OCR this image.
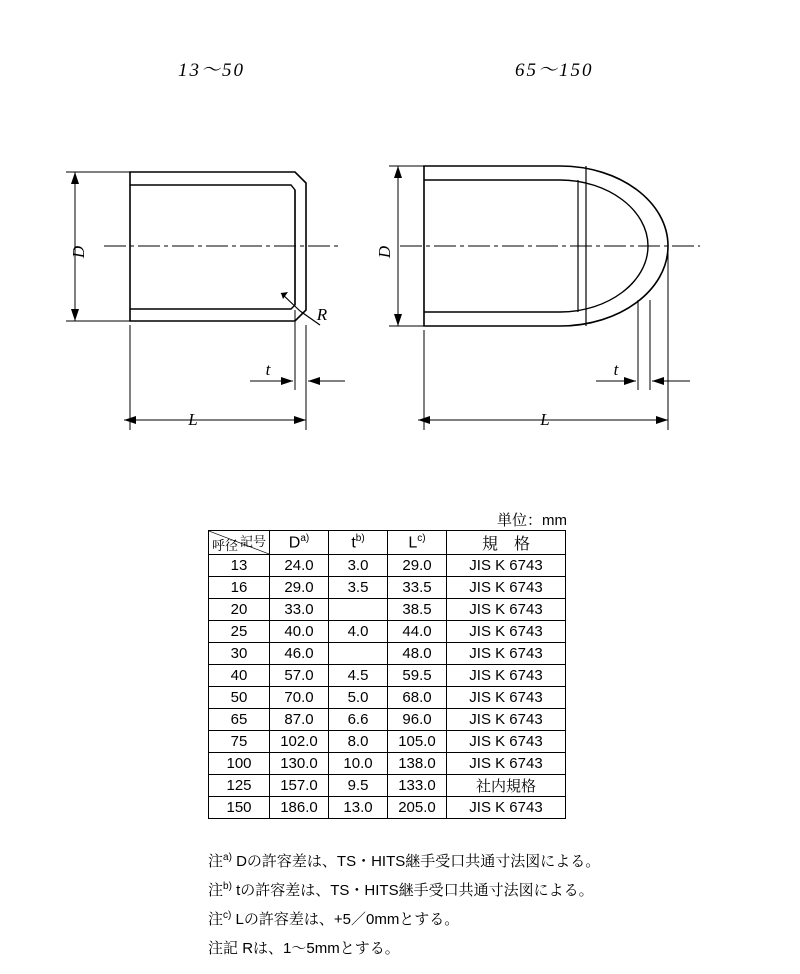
13〜50	65〜150
D
L
t
R
D
L
t
単位：mm
記号
呼径	$D^{a)}$	$t^{b)}$	$L^{c)}$	規　格
13	24.0	3.0	29.0	JIS K 6743
16	29.0	3.5	33.5	JIS K 6743
20	33.0		38.5	JIS K 6743
25	40.0	4.0	44.0	JIS K 6743
30	46.0		48.0	JIS K 6743
40	57.0	4.5	59.5	JIS K 6743
50	70.0	5.0	68.0	JIS K 6743
65	87.0	6.6	96.0	JIS K 6743
75	102.0	8.0	105.0	JIS K 6743
100	130.0	10.0	138.0	JIS K 6743
125	157.0	9.5	133.0	社内規格
150	186.0	13.0	205.0	JIS K 6743
注$^{a)}$ Dの許容差は、TS・HITS継手受口共通寸法図による。
注$^{b)}$ tの許容差は、TS・HITS継手受口共通寸法図による。
注$^{c)}$ Lの許容差は、+5／0mmとする。
注記 Rは、1〜5mmとする。
